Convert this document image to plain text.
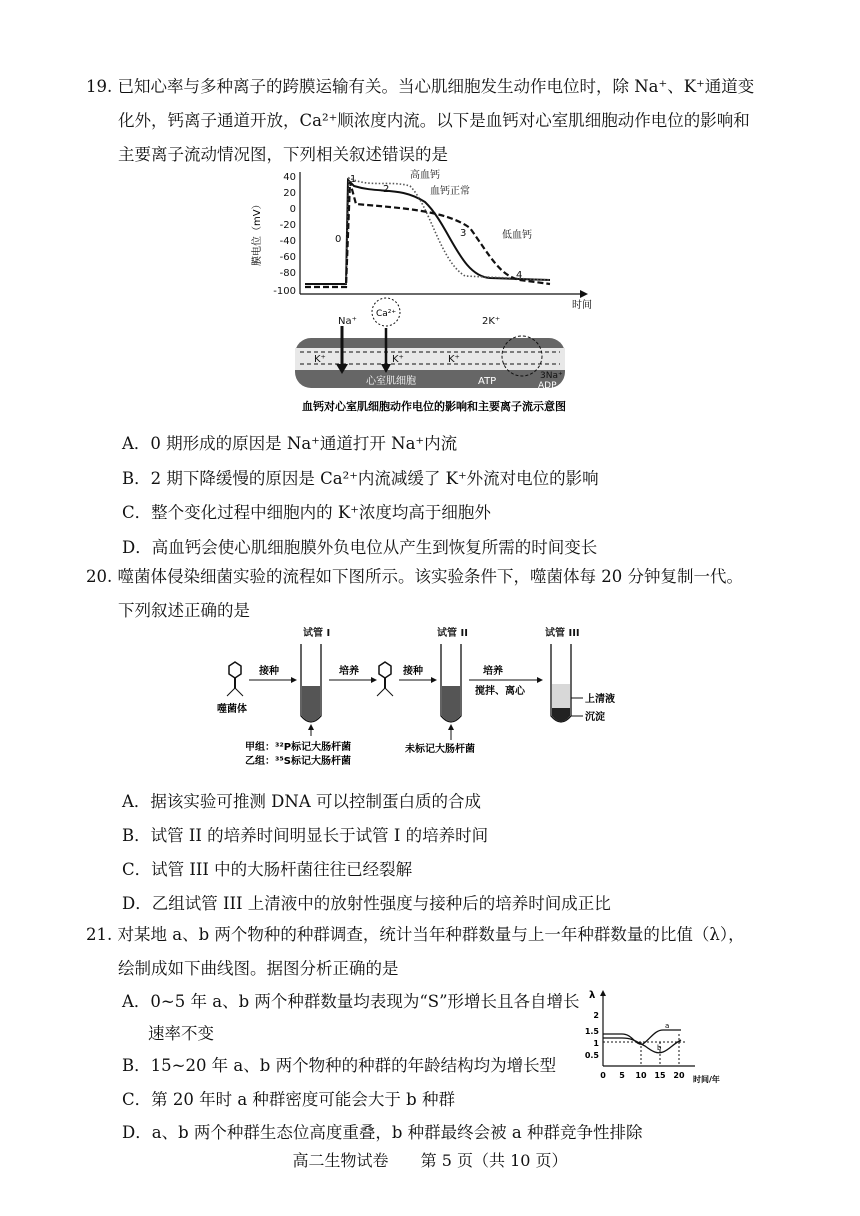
19. 已知心率与多种离子的跨膜运输有关。当心肌细胞发生动作电位时，除 Na⁺、K⁺通道变
化外，钙离子通道开放，Ca²⁺顺浓度内流。以下是血钙对心室肌细胞动作电位的影响和
主要离子流动情况图，下列相关叙述错误的是
40
20
0
-20
-40
-60
-80
-100
膜电位（mV）
时间
0
1
2
3
4
高血钙
血钙正常
低血钙
Ca²⁺
Na⁺
K⁺	K⁺	K⁺
2K⁺
3Na⁺
ATP	ADP
心室肌细胞
血钙对心室肌细胞动作电位的影响和主要离子流示意图
A．0 期形成的原因是 Na⁺通道打开 Na⁺内流
B．2 期下降缓慢的原因是 Ca²⁺内流减缓了 K⁺外流对电位的影响
C．整个变化过程中细胞内的 K⁺浓度均高于细胞外
D．高血钙会使心肌细胞膜外负电位从产生到恢复所需的时间变长
20. 噬菌体侵染细菌实验的流程如下图所示。该实验条件下，噬菌体每 20 分钟复制一代。
下列叙述正确的是
试管 I	试管 II	试管 III
噬菌体
接种	培养	接种	培养
搅拌、离心
上清液
沉淀
甲组：³²P标记大肠杆菌
乙组：³⁵S标记大肠杆菌
未标记大肠杆菌
A．据该实验可推测 DNA 可以控制蛋白质的合成
B．试管 II 的培养时间明显长于试管 I 的培养时间
C．试管 III 中的大肠杆菌往往已经裂解
D．乙组试管 III 上清液中的放射性强度与接种后的培养时间成正比
21. 对某地 a、b 两个物种的种群调查，统计当年种群数量与上一年种群数量的比值（λ），
绘制成如下曲线图。据图分析正确的是
A．0~5 年 a、b 两个种群数量均表现为“S”形增长且各自增长
速率不变
B．15~20 年 a、b 两个物种的种群的年龄结构均为增长型
C．第 20 年时 a 种群密度可能会大于 b 种群
D．a、b 两个种群生态位高度重叠，b 种群最终会被 a 种群竞争性排除
λ
2
1.5
1
0.5
0 5 10 15 20 时间/年
a
b
高二生物试卷 第 5 页（共 10 页）
